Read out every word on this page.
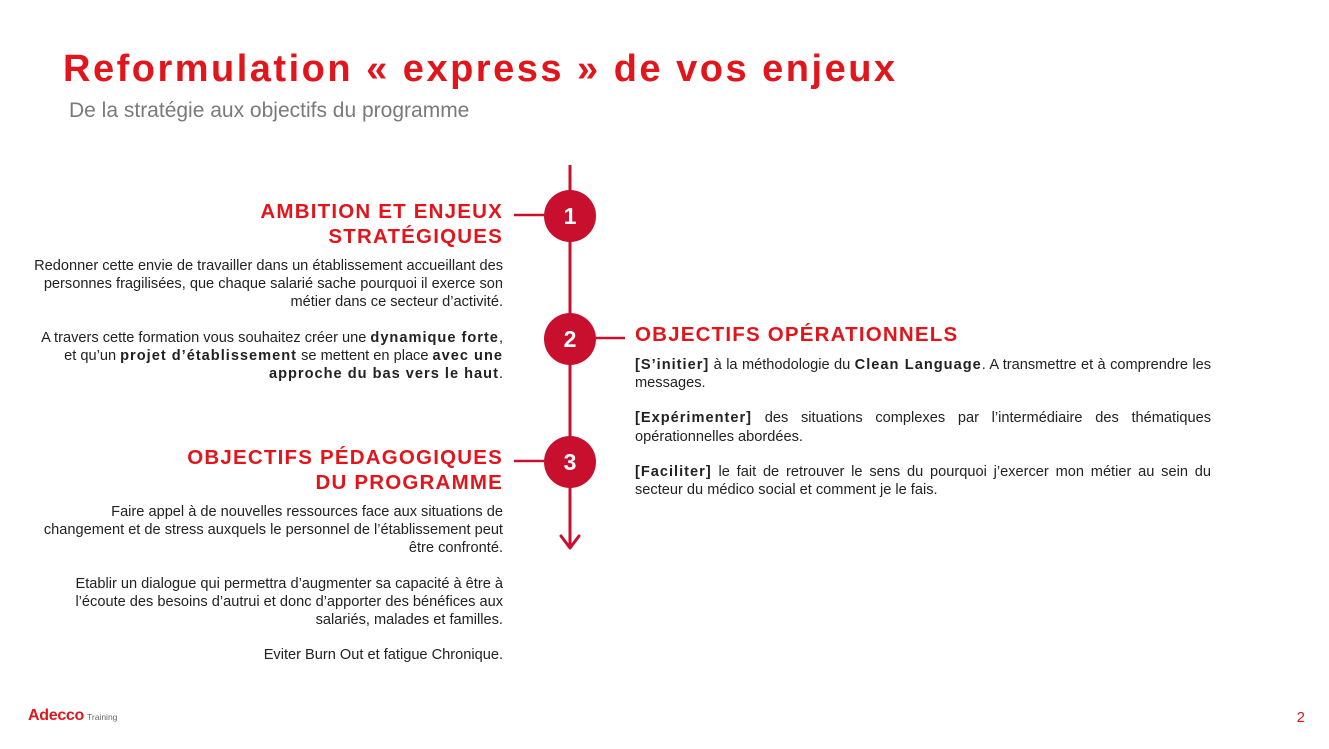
Reformulation « express » de vos enjeux
De la stratégie aux objectifs du programme
1
2
3
AMBITION ET ENJEUX
STRATÉGIQUES

Redonner cette envie de travailler dans un établissement accueillant des personnes fragilisées, que chaque salarié sache pourquoi il exerce son métier dans ce secteur d’activité.

A travers cette formation vous souhaitez créer une dynamique forte, et qu’un projet d’établissement se mettent en place avec une approche du bas vers le haut.

OBJECTIFS OPÉRATIONNELS

[S’initier] à la méthodologie du Clean Language. A transmettre et à comprendre les messages.

[Expérimenter] des situations complexes par l’intermédiaire des thématiques opérationnelles abordées.

[Faciliter] le fait de retrouver le sens du pourquoi j’exercer mon métier au sein du secteur du médico social et comment je le fais.

OBJECTIFS PÉDAGOGIQUES
DU PROGRAMME

Faire appel à de nouvelles ressources face aux situations de changement et de stress auxquels le personnel de l’établissement peut être confronté.

Etablir un dialogue qui permettra d’augmenter sa capacité à être à l’écoute des besoins d’autrui et donc d’apporter des bénéfices aux salariés, malades et familles.

Eviter Burn Out et fatigue Chronique.

Adecco Training	2
